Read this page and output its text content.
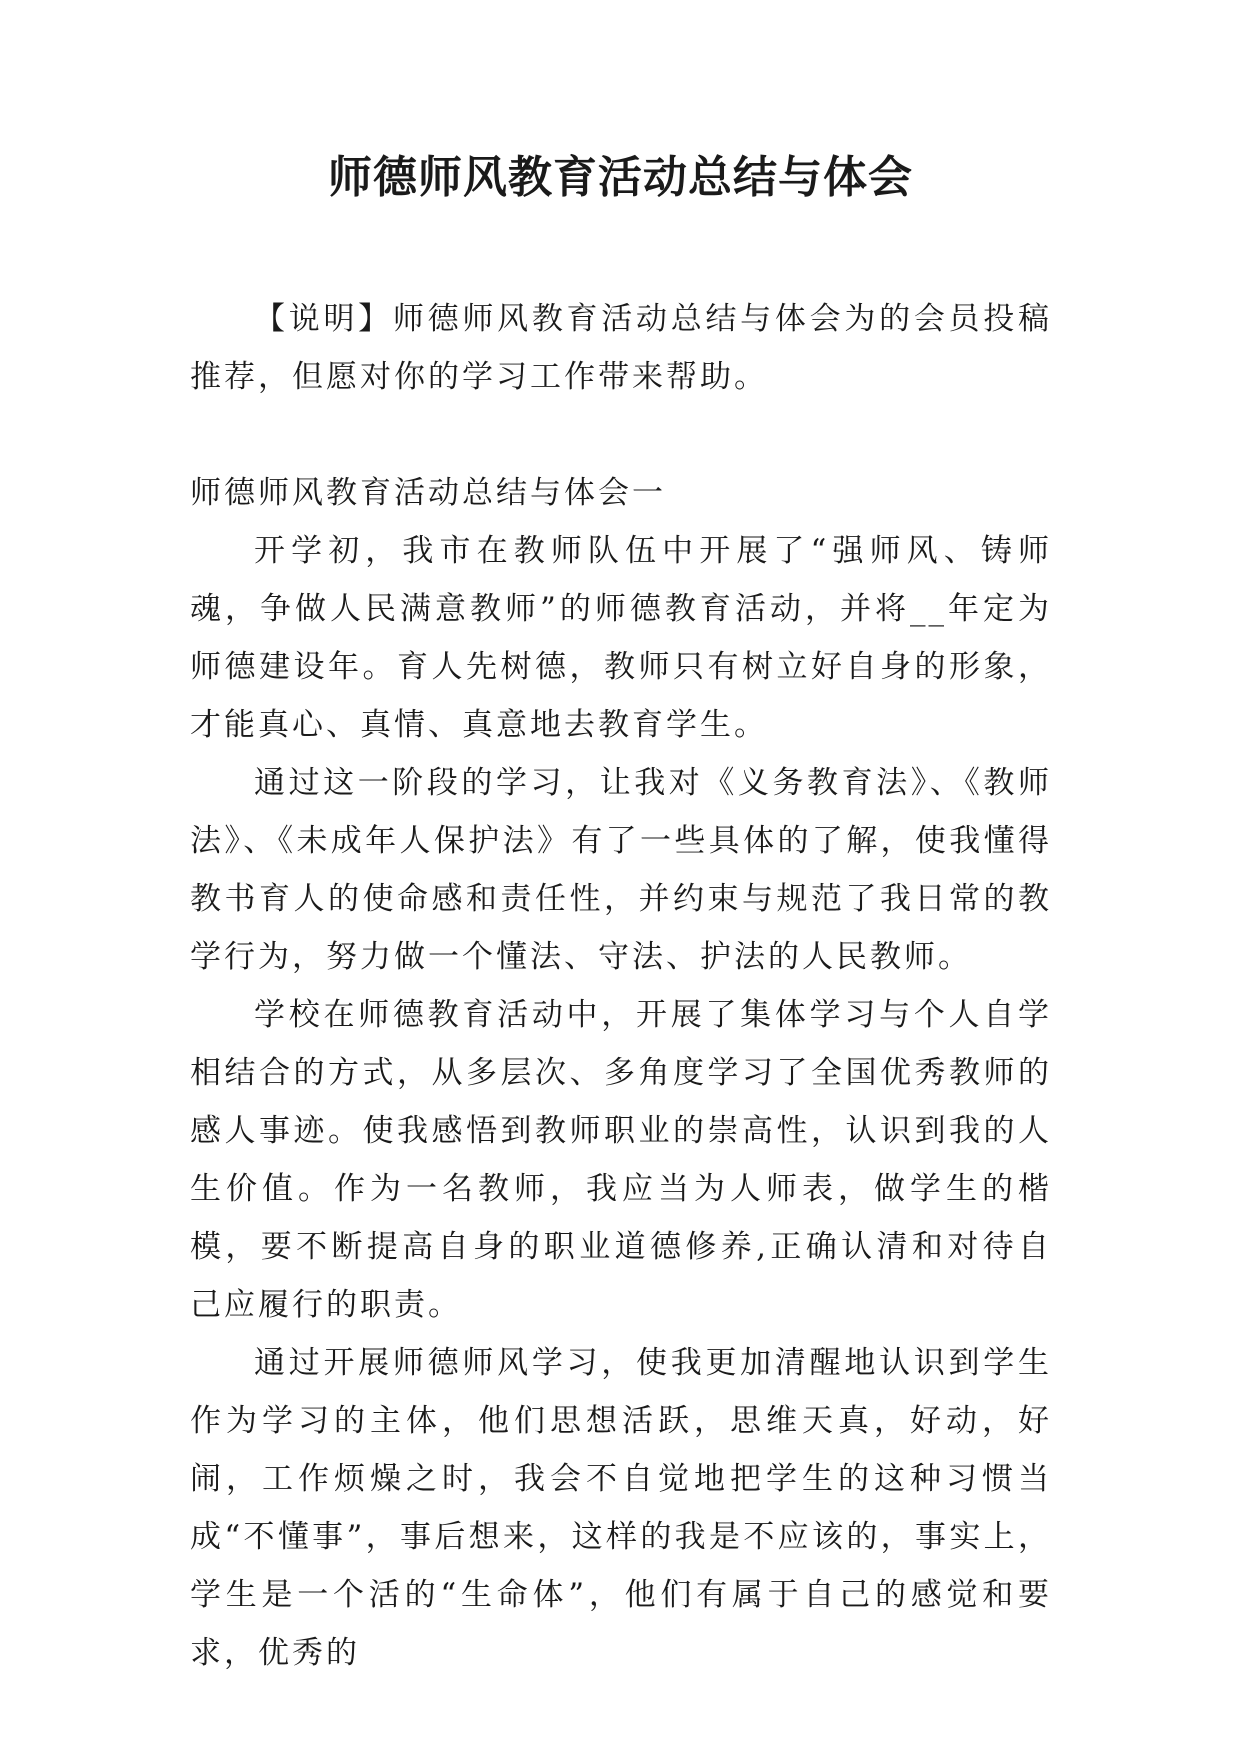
师德师风教育活动总结与体会

【说明】师德师风教育活动总结与体会为的会员投稿推荐，但愿对你的学习工作带来帮助。

师德师风教育活动总结与体会一

开学初，我市在教师队伍中开展了“强师风、铸师魂，争做人民满意教师”的师德教育活动，并将__年定为师德建设年。育人先树德，教师只有树立好自身的形象，才能真心、真情、真意地去教育学生。

通过这一阶段的学习，让我对《义务教育法》、《教师法》、《未成年人保护法》有了一些具体的了解，使我懂得教书育人的使命感和责任性，并约束与规范了我日常的教学行为，努力做一个懂法、守法、护法的人民教师。

学校在师德教育活动中，开展了集体学习与个人自学相结合的方式，从多层次、多角度学习了全国优秀教师的感人事迹。使我感悟到教师职业的崇高性，认识到我的人生价值。作为一名教师，我应当为人师表，做学生的楷模，要不断提高自身的职业道德修养,正确认清和对待自己应履行的职责。

通过开展师德师风学习，使我更加清醒地认识到学生作为学习的主体，他们思想活跃，思维天真，好动，好闹，工作烦燥之时，我会不自觉地把学生的这种习惯当成“不懂事”，事后想来，这样的我是不应该的，事实上，学生是一个活的“生命体”，他们有属于自己的感觉和要求，优秀的
